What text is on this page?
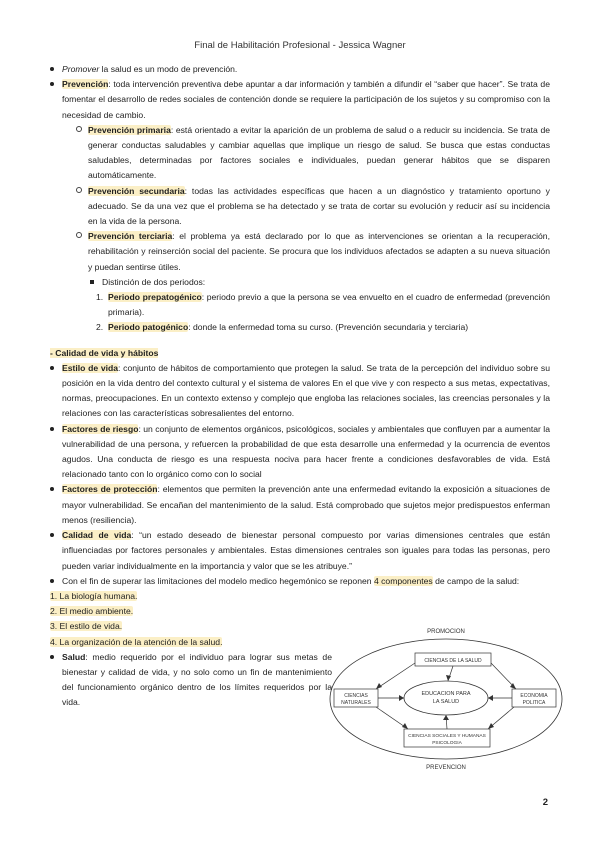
Final de Habilitación Profesional - Jessica Wagner

Promover la salud es un modo de prevención.

Prevención: toda intervención preventiva debe apuntar a dar información y también a difundir el “saber que hacer”. Se trata de fomentar el desarrollo de redes sociales de contención donde se requiere la participación de los sujetos y su compromiso con la necesidad de cambio.

Prevención primaria: está orientado a evitar la aparición de un problema de salud o a reducir su incidencia. Se trata de generar conductas saludables y cambiar aquellas que implique un riesgo de salud. Se busca que estas conductas saludables, determinadas por factores sociales e individuales, puedan generar hábitos que se disparen automáticamente.

Prevención secundaria: todas las actividades específicas que hacen a un diagnóstico y tratamiento oportuno y adecuado. Se da una vez que el problema se ha detectado y se trata de cortar su evolución y reducir así su incidencia en la vida de la persona.

Prevención terciaria: el problema ya está declarado por lo que as intervenciones se orientan a la recuperación, rehabilitación y reinserción social del paciente. Se procura que los individuos afectados se adapten a su nueva situación y puedan sentirse útiles.

Distinción de dos periodos:

1. Periodo prepatogénico: periodo previo a que la persona se vea envuelto en el cuadro de enfermedad (prevención primaria).

2. Periodo patogénico: donde la enfermedad toma su curso. (Prevención secundaria y terciaria)

- Calidad de vida y hábitos

Estilo de vida: conjunto de hábitos de comportamiento que protegen la salud. Se trata de la percepción del individuo sobre su posición en la vida dentro del contexto cultural y el sistema de valores En el que vive y con respecto a sus metas, expectativas, normas, preocupaciones. En un contexto extenso y complejo que engloba las relaciones sociales, las creencias personales y la relaciones con las características sobresalientes del entorno.

Factores de riesgo: un conjunto de elementos orgánicos, psicológicos, sociales y ambientales que confluyen par a aumentar la vulnerabilidad de una persona, y refuercen la probabilidad de que esta desarrolle una enfermedad y la ocurrencia de eventos agudos. Una conducta de riesgo es una respuesta nociva para hacer frente a condiciones desfavorables de vida. Está relacionado tanto con lo orgánico como con lo social

Factores de protección: elementos que permiten la prevención ante una enfermedad evitando la exposición a situaciones de mayor vulnerabilidad. Se encañan del mantenimiento de la salud. Está comprobado que sujetos mejor predispuestos enferman menos (resiliencia).

Calidad de vida: “un estado deseado de bienestar personal compuesto por varias dimensiones centrales que están influenciadas por factores personales y ambientales. Estas dimensiones centrales son iguales para todas las personas, pero pueden variar individualmente en la importancia y valor que se les atribuye.”

Con el fin de superar las limitaciones del modelo medico hegemónico se reponen 4 componentes de campo de la salud:

1. La biología humana.

2. El medio ambiente.

3. El estilo de vida.

4. La organización de la atención de la salud.

Salud: medio requerido por el individuo para lograr sus metas de bienestar y calidad de vida, y no solo como un fin de mantenimiento del funcionamiento orgánico dentro de los límites requeridos por la vida.

PROMOCION
EDUCACION PARA
LA SALUD
CIENCIAS DE LA SALUD
CIENCIAS
NATURALES
ECONOMIA
POLITICA
CIENCIAS SOCIALES Y HUMANAS
PSICOLOGIA
PREVENCION
2
